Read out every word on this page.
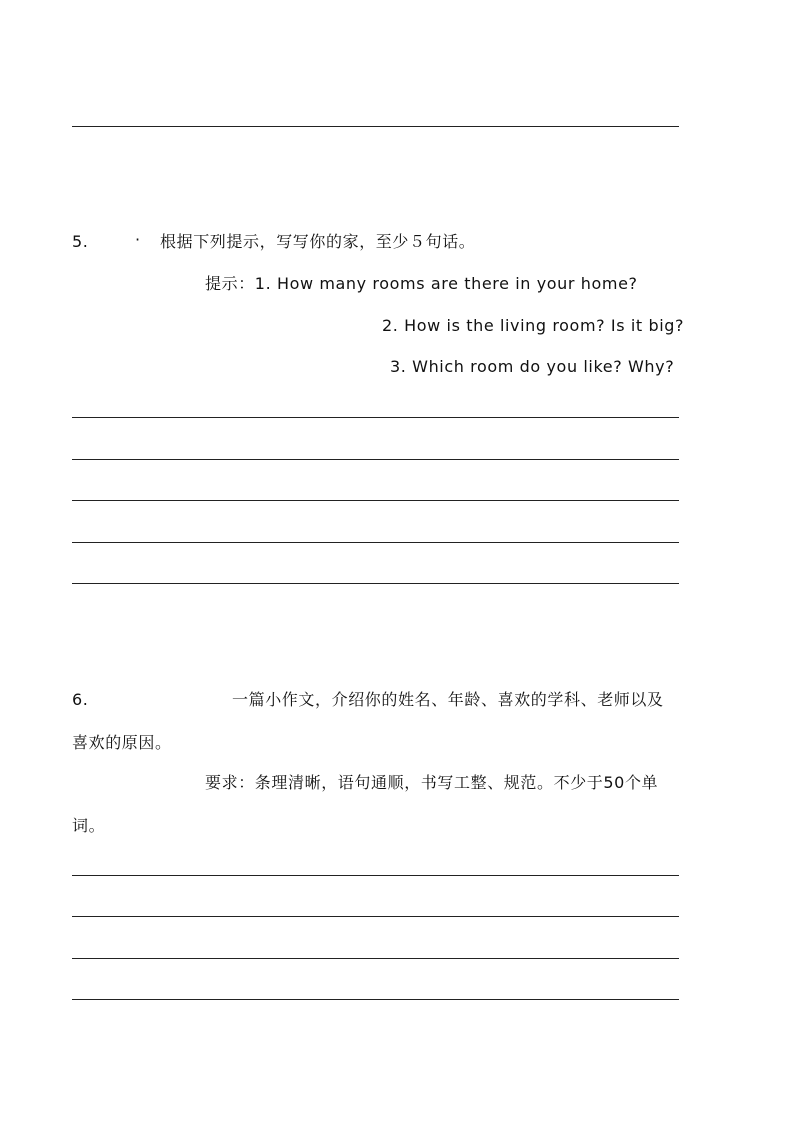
5.	· 根据下列提示，写写你的家，至少５句话。
提示：1. How many rooms are there in your home?
2. How is the living room? Is it big?
3. Which room do you like? Why?
6.	一篇小作文，介绍你的姓名、年龄、喜欢的学科、老师以及
喜欢的原因。
要求：条理清晰，语句通顺，书写工整、规范。不少于50个单
词。
